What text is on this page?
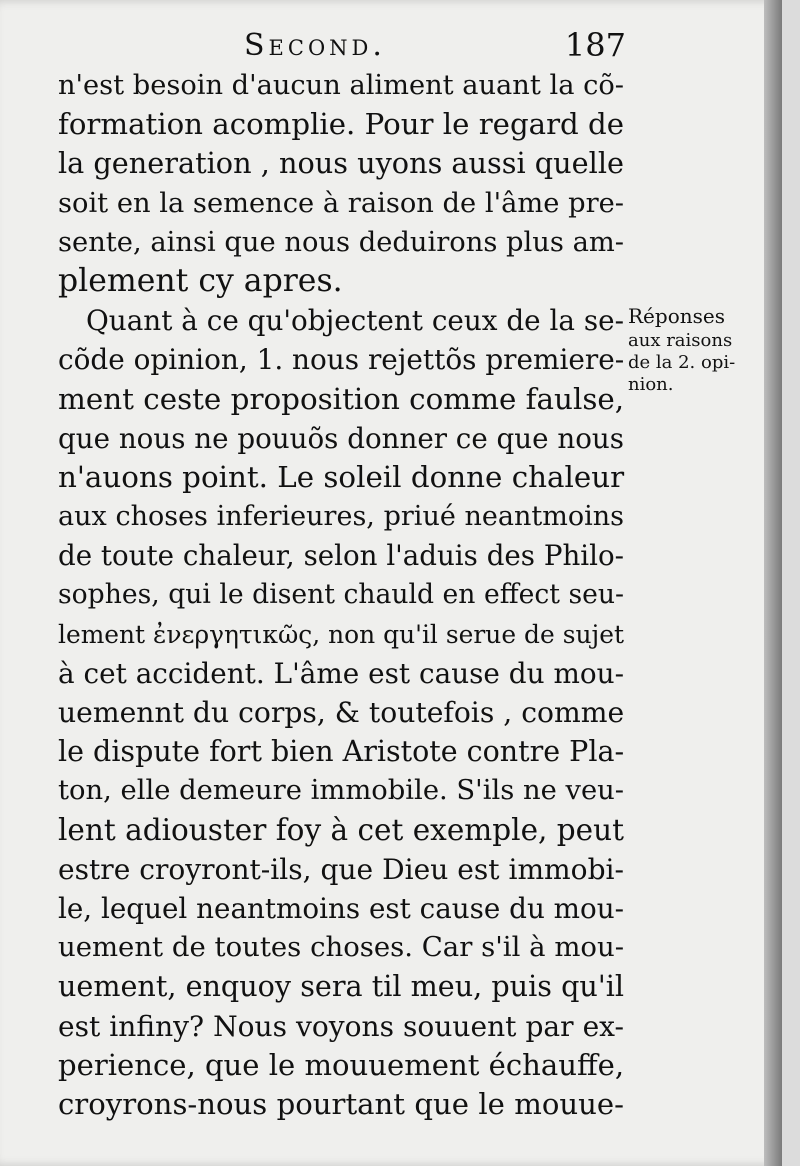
Second.	187
n'est besoin d'aucun aliment auant la cõ-
formation acomplie. Pour le regard de
la generation , nous uyons aussi quelle
soit en la semence à raison de l'âme pre-
sente, ainsi que nous deduirons plus am-
plement cy apres.
Quant à ce qu'objectent ceux de la se-
cõde opinion, 1. nous rejettõs premiere-
ment ceste proposition comme faulse,
que nous ne pouuõs donner ce que nous
n'auons point. Le soleil donne chaleur
aux choses inferieures, priué neantmoins
de toute chaleur, selon l'aduis des Philo-
sophes, qui le disent chauld en effect seu-
lement ἐνεργητικῶς, non qu'il serue de sujet
à cet accident. L'âme est cause du mou-
uemennt du corps, & toutefois , comme
le dispute fort bien Aristote contre Pla-
ton, elle demeure immobile. S'ils ne veu-
lent adiouster foy à cet exemple, peut
estre croyront-ils, que Dieu est immobi-
le, lequel neantmoins est cause du mou-
uement de toutes choses. Car s'il à mou-
uement, enquoy sera til meu, puis qu'il
est infiny? Nous voyons souuent par ex-
perience, que le mouuement échauffe,
croyrons-nous pourtant que le mouue-
Réponses
aux raisons
de la 2. opi-
nion.
